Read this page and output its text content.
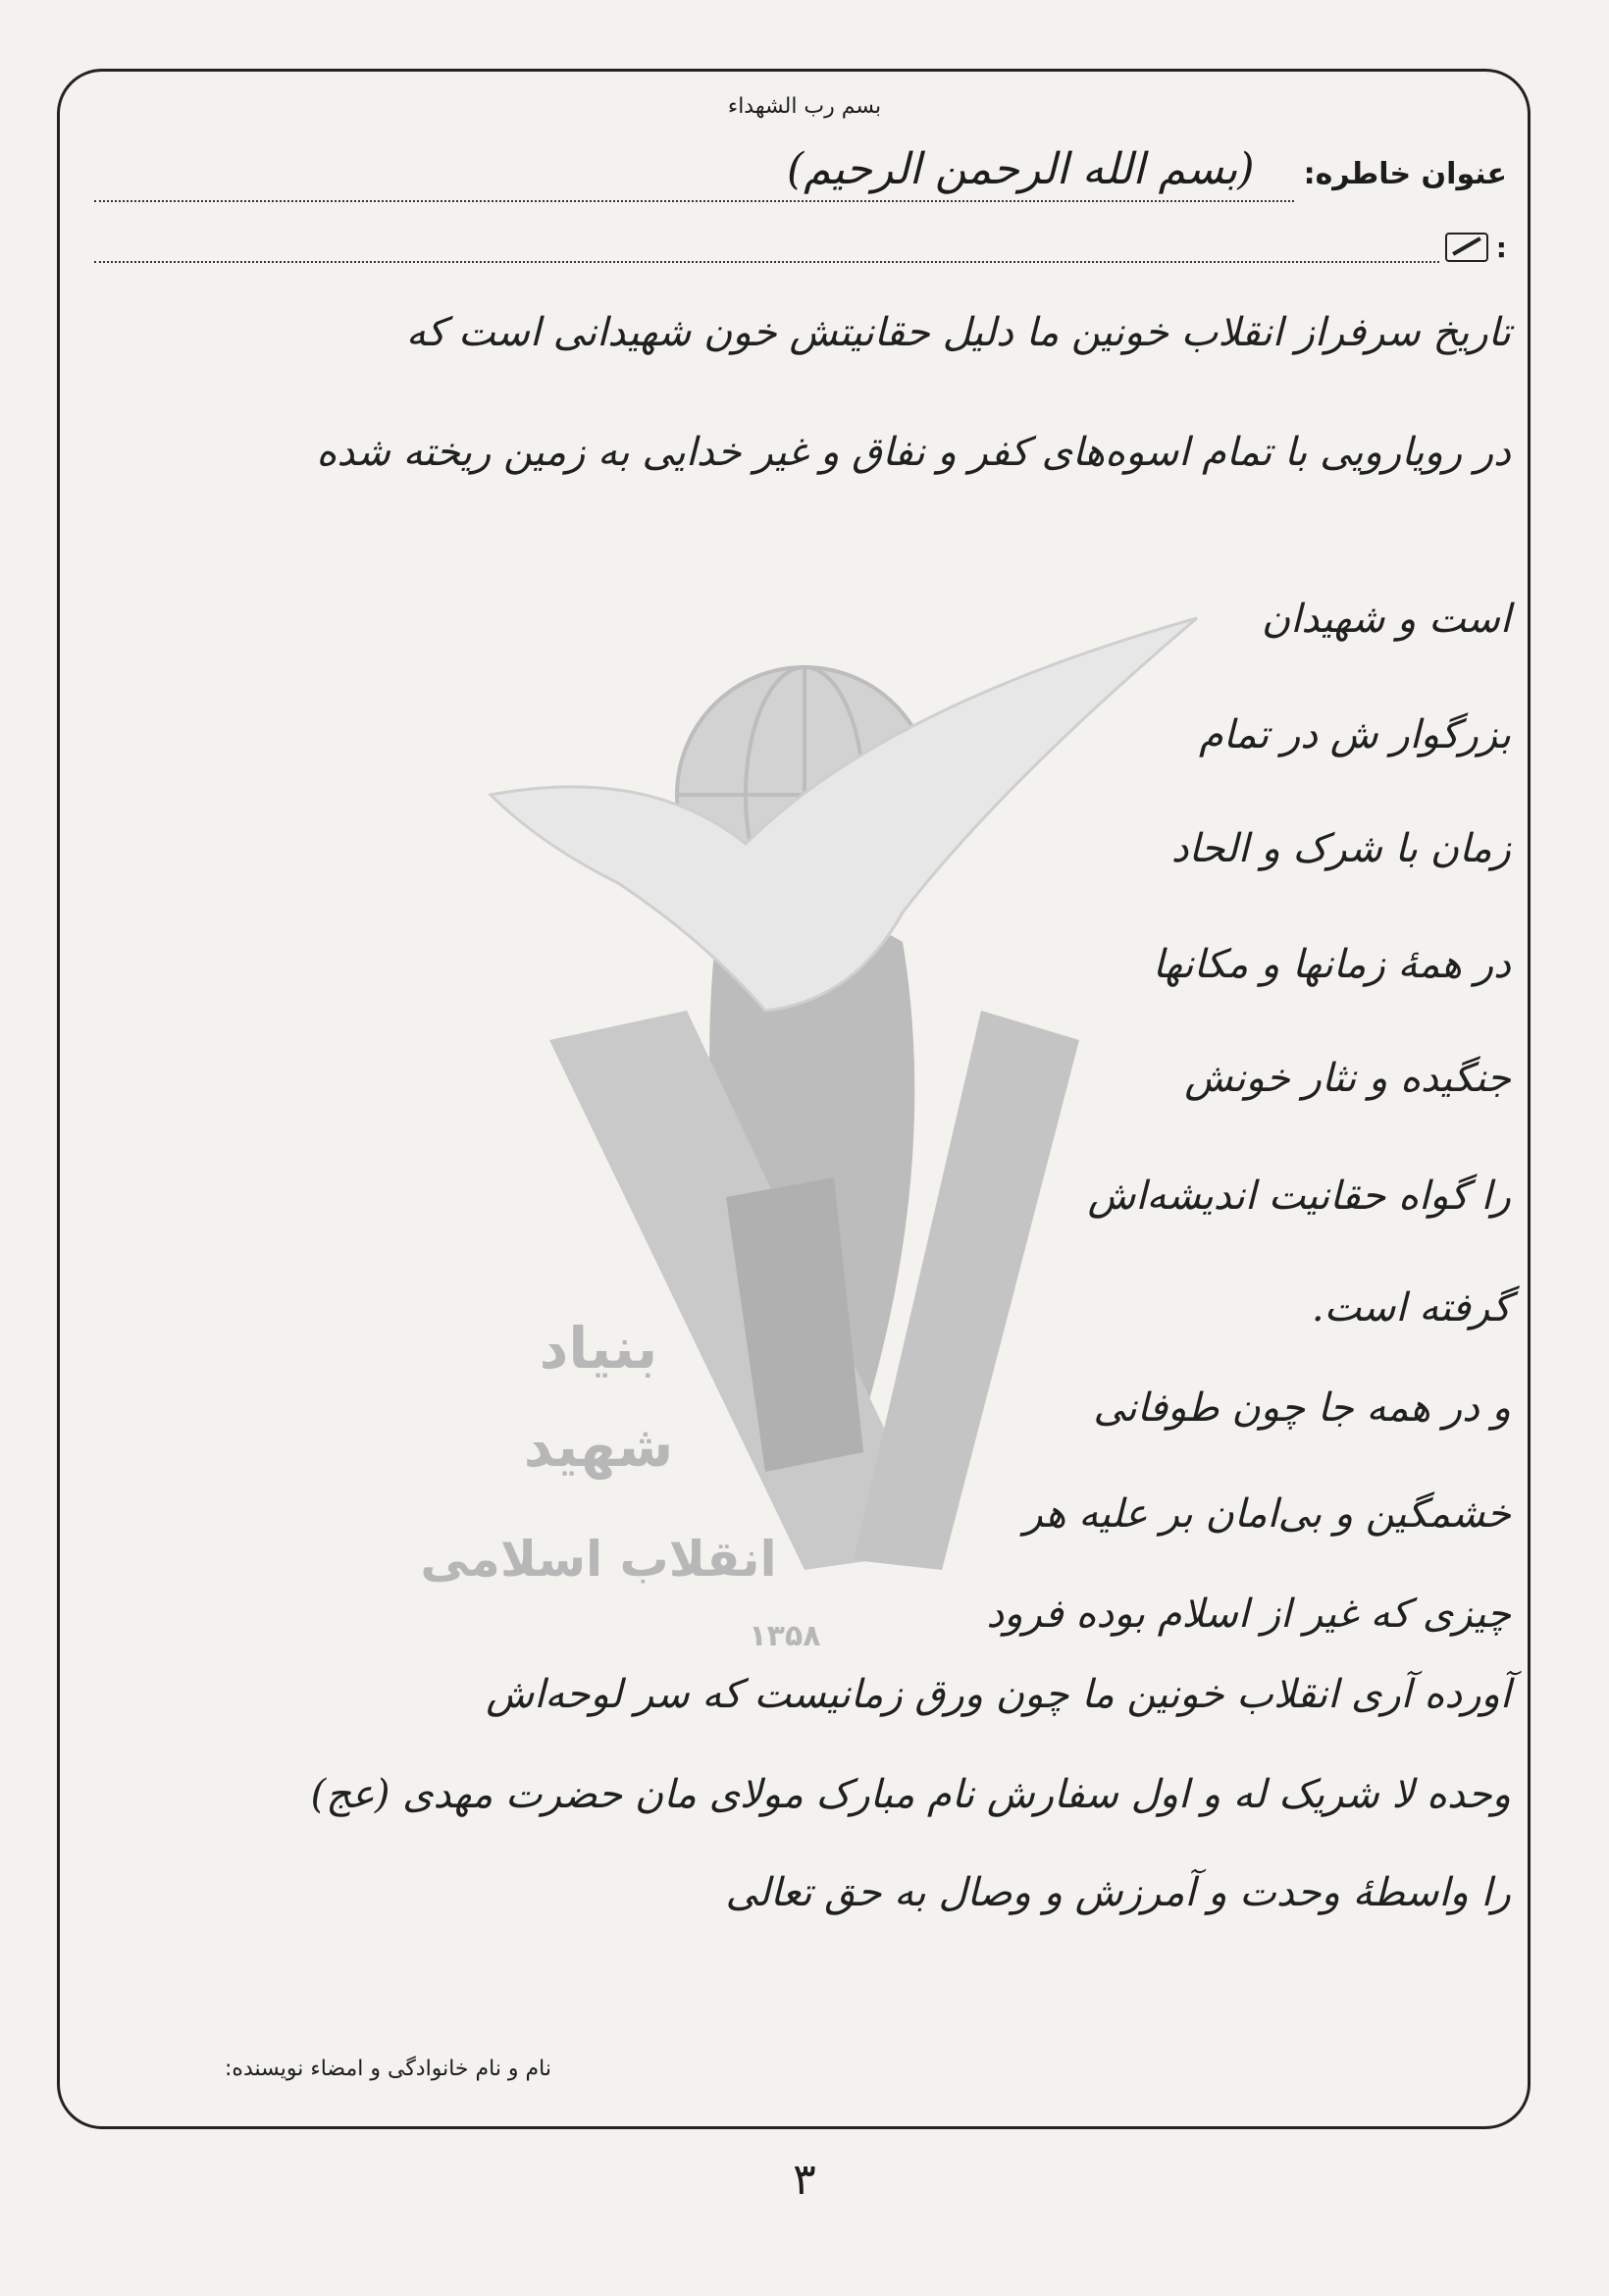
بسم رب الشهداء
عنوان خاطره:
(بسم الله الرحمن الرحیم)
:
بنیاد
شهید
انقلاب اسلامی
۱۳۵۸
تاریخ سرفراز انقلاب خونین ما دلیل حقانیتش خون شهیدانی است که
در رویارویی با تمام اسوه‌های کفر و نفاق و غیر خدایی به زمین ریخته شده
است و شهیدان
بزرگوار ش در تمام
زمان با شرک و الحاد
در همهٔ زمانها و مکانها
جنگیده و نثار خونش
را گواه حقانیت اندیشه‌اش
گرفته است.
و در همه جا چون طوفانی
خشمگین و بی‌امان بر علیه هر
چیزی که غیر از اسلام بوده فرود
آورده آری انقلاب خونین ما چون ورق زمانیست که سر لوحه‌اش
وحده لا شریک له و اول سفارش نام مبارک مولای مان حضرت مهدی (عج)
را واسطهٔ وحدت و آمرزش و وصال به حق تعالی
نام و نام خانوادگی و امضاء نویسنده:
۳
